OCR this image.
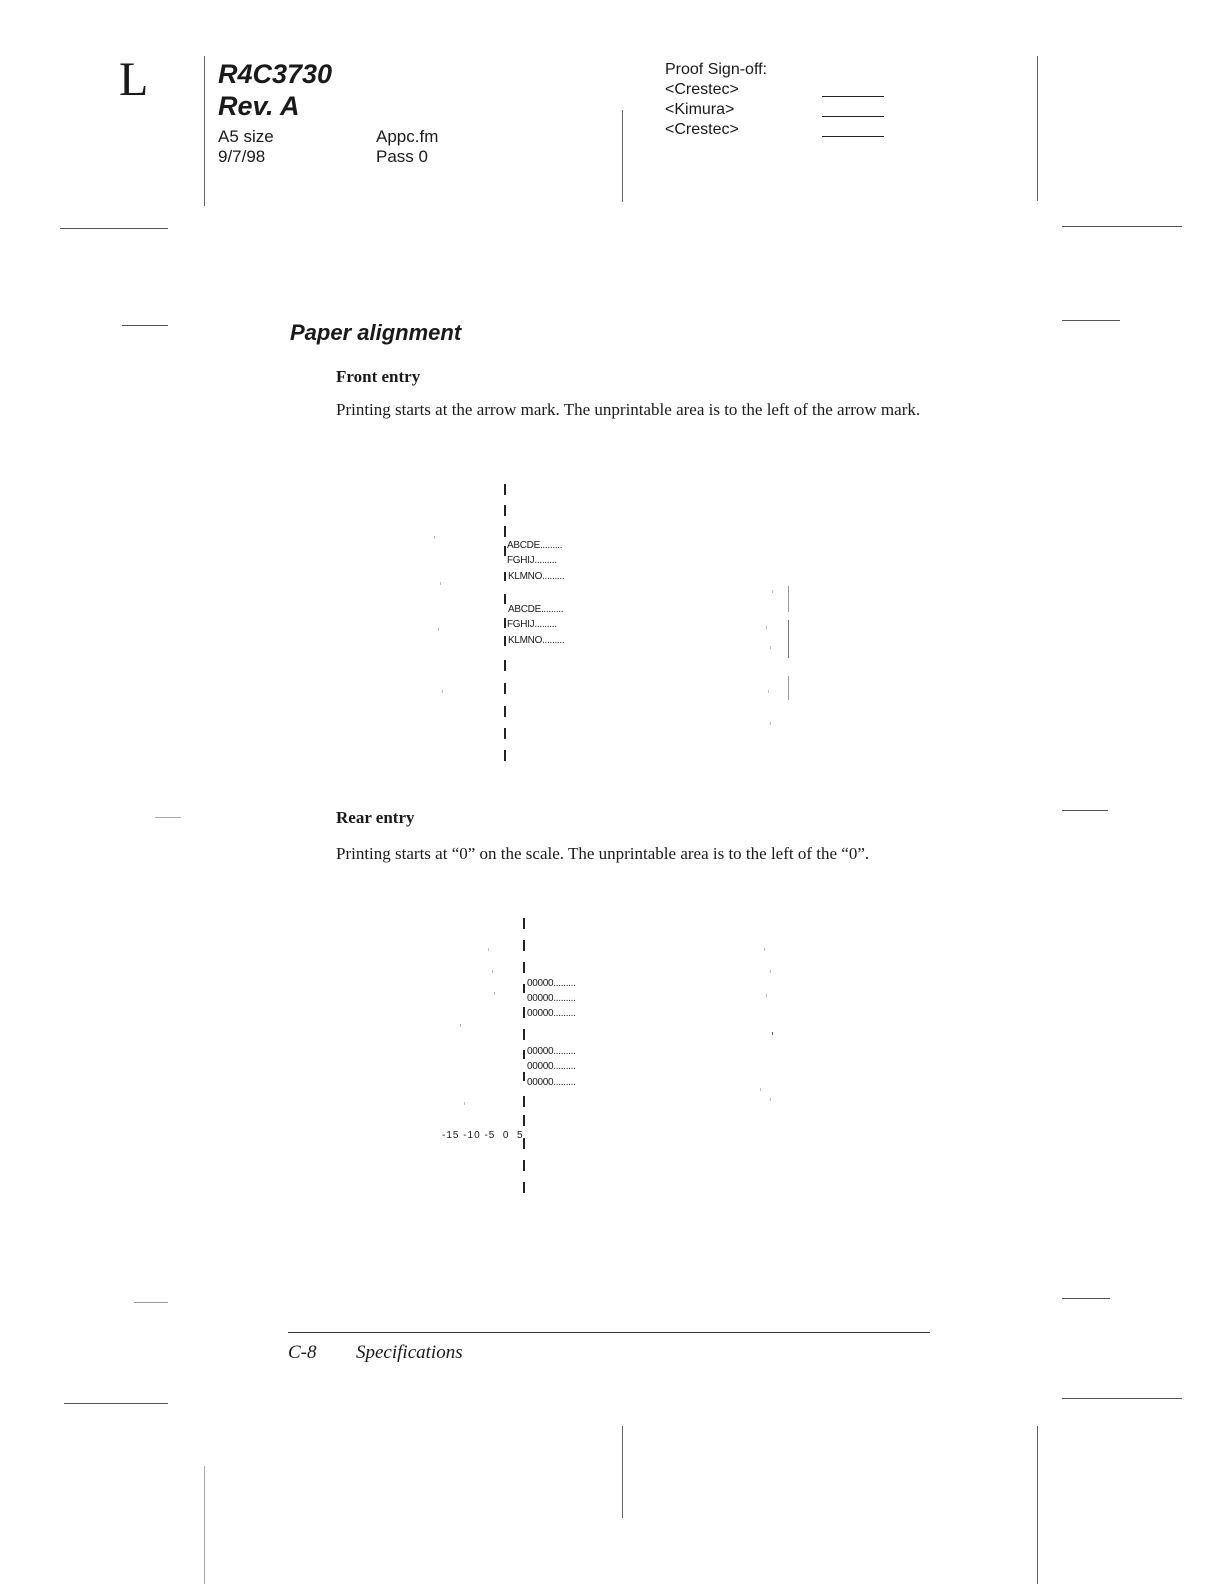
L	R4C3730
Rev. A
A5 size
9/7/98
Appc.fm
Pass 0
Proof Sign-off:
<Crestec>
<Kimura>
<Crestec>
Paper alignment
Front entry
Printing starts at the arrow mark. The unprintable area is to the left of the arrow mark.
ABCDE.........
FGHIJ.........
KLMNO.........
ABCDE.........
FGHIJ.........
KLMNO.........
Rear entry
Printing starts at “0” on the scale. The unprintable area is to the left of the “0”.
00000.........
00000.........
00000.........
00000.........
00000.........
00000.........
-15 -10 -5  0  5
C-8 Specifications
